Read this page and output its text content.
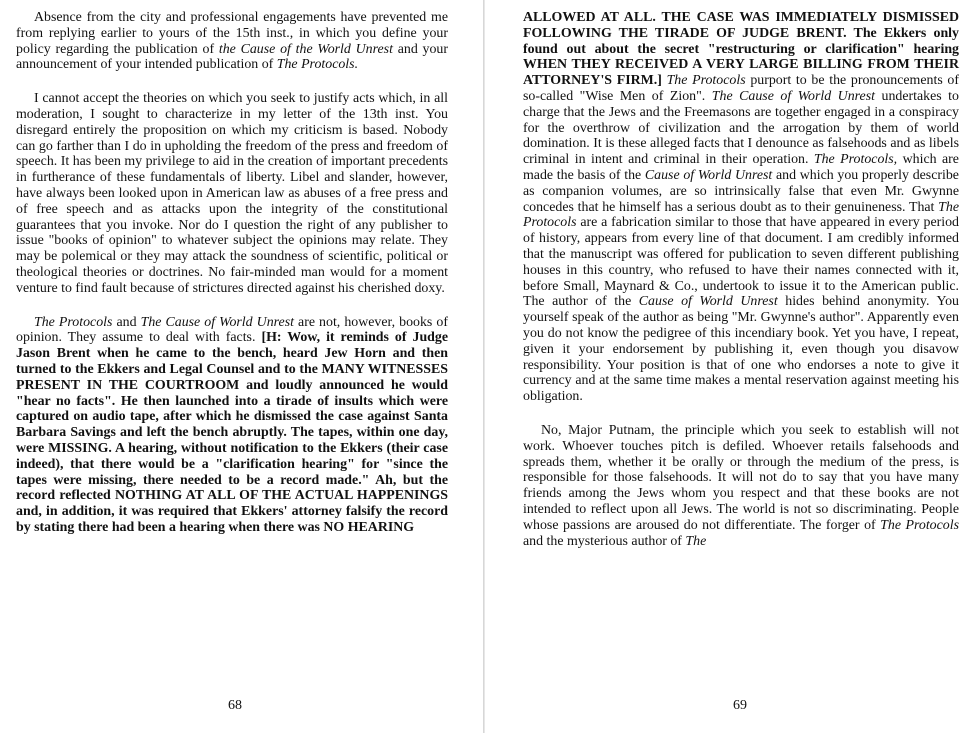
Absence from the city and professional engagements have prevented me from replying earlier to yours of the 15th inst., in which you define your policy regarding the publication of the Cause of the World Unrest and your announcement of your intended publication of The Protocols.

I cannot accept the theories on which you seek to justify acts which, in all moderation, I sought to characterize in my letter of the 13th inst. You disregard entirely the proposition on which my criticism is based. Nobody can go farther than I do in upholding the freedom of the press and freedom of speech. It has been my privilege to aid in the creation of important precedents in furtherance of these fundamentals of liberty. Libel and slander, however, have always been looked upon in American law as abuses of a free press and of free speech and as attacks upon the integrity of the constitutional guarantees that you invoke. Nor do I question the right of any publisher to issue "books of opinion" to whatever subject the opinions may relate. They may be polemical or they may attack the soundness of scientific, political or theological theories or doctrines. No fair-minded man would for a moment venture to find fault because of strictures directed against his cherished doxy.

The Protocols and The Cause of World Unrest are not, however, books of opinion. They assume to deal with facts. [H: Wow, it reminds of Judge Jason Brent when he came to the bench, heard Jew Horn and then turned to the Ekkers and Legal Counsel and to the MANY WITNESSES PRESENT IN THE COURTROOM and loudly announced he would "hear no facts". He then launched into a tirade of insults which were captured on audio tape, after which he dismissed the case against Santa Barbara Savings and left the bench abruptly. The tapes, within one day, were MISSING. A hearing, without notification to the Ekkers (their case indeed), that there would be a "clarification hearing" for "since the tapes were missing, there needed to be a record made." Ah, but the record reflected NOTHING AT ALL OF THE ACTUAL HAPPENINGS and, in addition, it was required that Ekkers' attorney falsify the record by stating there had been a hearing when there was NO HEARING

68

ALLOWED AT ALL. THE CASE WAS IMMEDIATELY DISMISSED FOLLOWING THE TIRADE OF JUDGE BRENT. The Ekkers only found out about the secret "restructuring or clarification" hearing WHEN THEY RECEIVED A VERY LARGE BILLING FROM THEIR ATTORNEY'S FIRM.] The Protocols purport to be the pronouncements of so-called "Wise Men of Zion". The Cause of World Unrest undertakes to charge that the Jews and the Freemasons are together engaged in a conspiracy for the overthrow of civilization and the arrogation by them of world domination. It is these alleged facts that I denounce as falsehoods and as libels criminal in intent and criminal in their operation. The Protocols, which are made the basis of the Cause of World Unrest and which you properly describe as companion volumes, are so intrinsically false that even Mr. Gwynne concedes that he himself has a serious doubt as to their genuineness. That The Protocols are a fabrication similar to those that have appeared in every period of history, appears from every line of that document. I am credibly informed that the manuscript was offered for publication to seven different publishing houses in this country, who refused to have their names connected with it, before Small, Maynard & Co., undertook to issue it to the American public. The author of the Cause of World Unrest hides behind anonymity. You yourself speak of the author as being "Mr. Gwynne's author". Apparently even you do not know the pedigree of this incendiary book. Yet you have, I repeat, given it your endorsement by publishing it, even though you disavow responsibility. Your position is that of one who endorses a note to give it currency and at the same time makes a mental reservation against meeting his obligation.

No, Major Putnam, the principle which you seek to establish will not work. Whoever touches pitch is defiled. Whoever retails falsehoods and spreads them, whether it be orally or through the medium of the press, is responsible for those falsehoods. It will not do to say that you have many friends among the Jews whom you respect and that these books are not intended to reflect upon all Jews. The world is not so discriminating. People whose passions are aroused do not differentiate. The forger of The Protocols and the mysterious author of The

69
